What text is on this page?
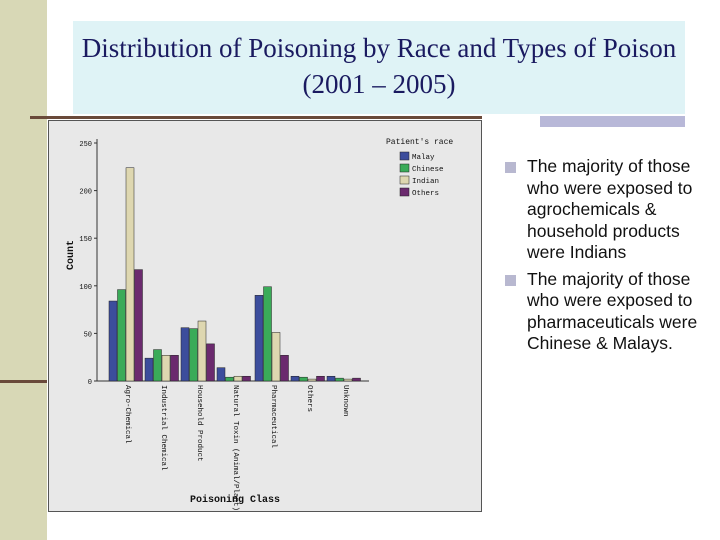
Distribution of Poisoning by Race and Types of Poison (2001 – 2005)
Count
Poisoning Class
Patient's race
Malay
Chinese
Indian
Others
0
50
100
150
200
250
Agro-Chemical	Industrial Chemical	Household Product	Natural Toxin (Animal/Plant)	Pharmaceutical	Others	Unknown
The majority of those who were exposed to agrochemicals & household products were Indians
The majority of those who were exposed to pharmaceuticals were Chinese & Malays.
